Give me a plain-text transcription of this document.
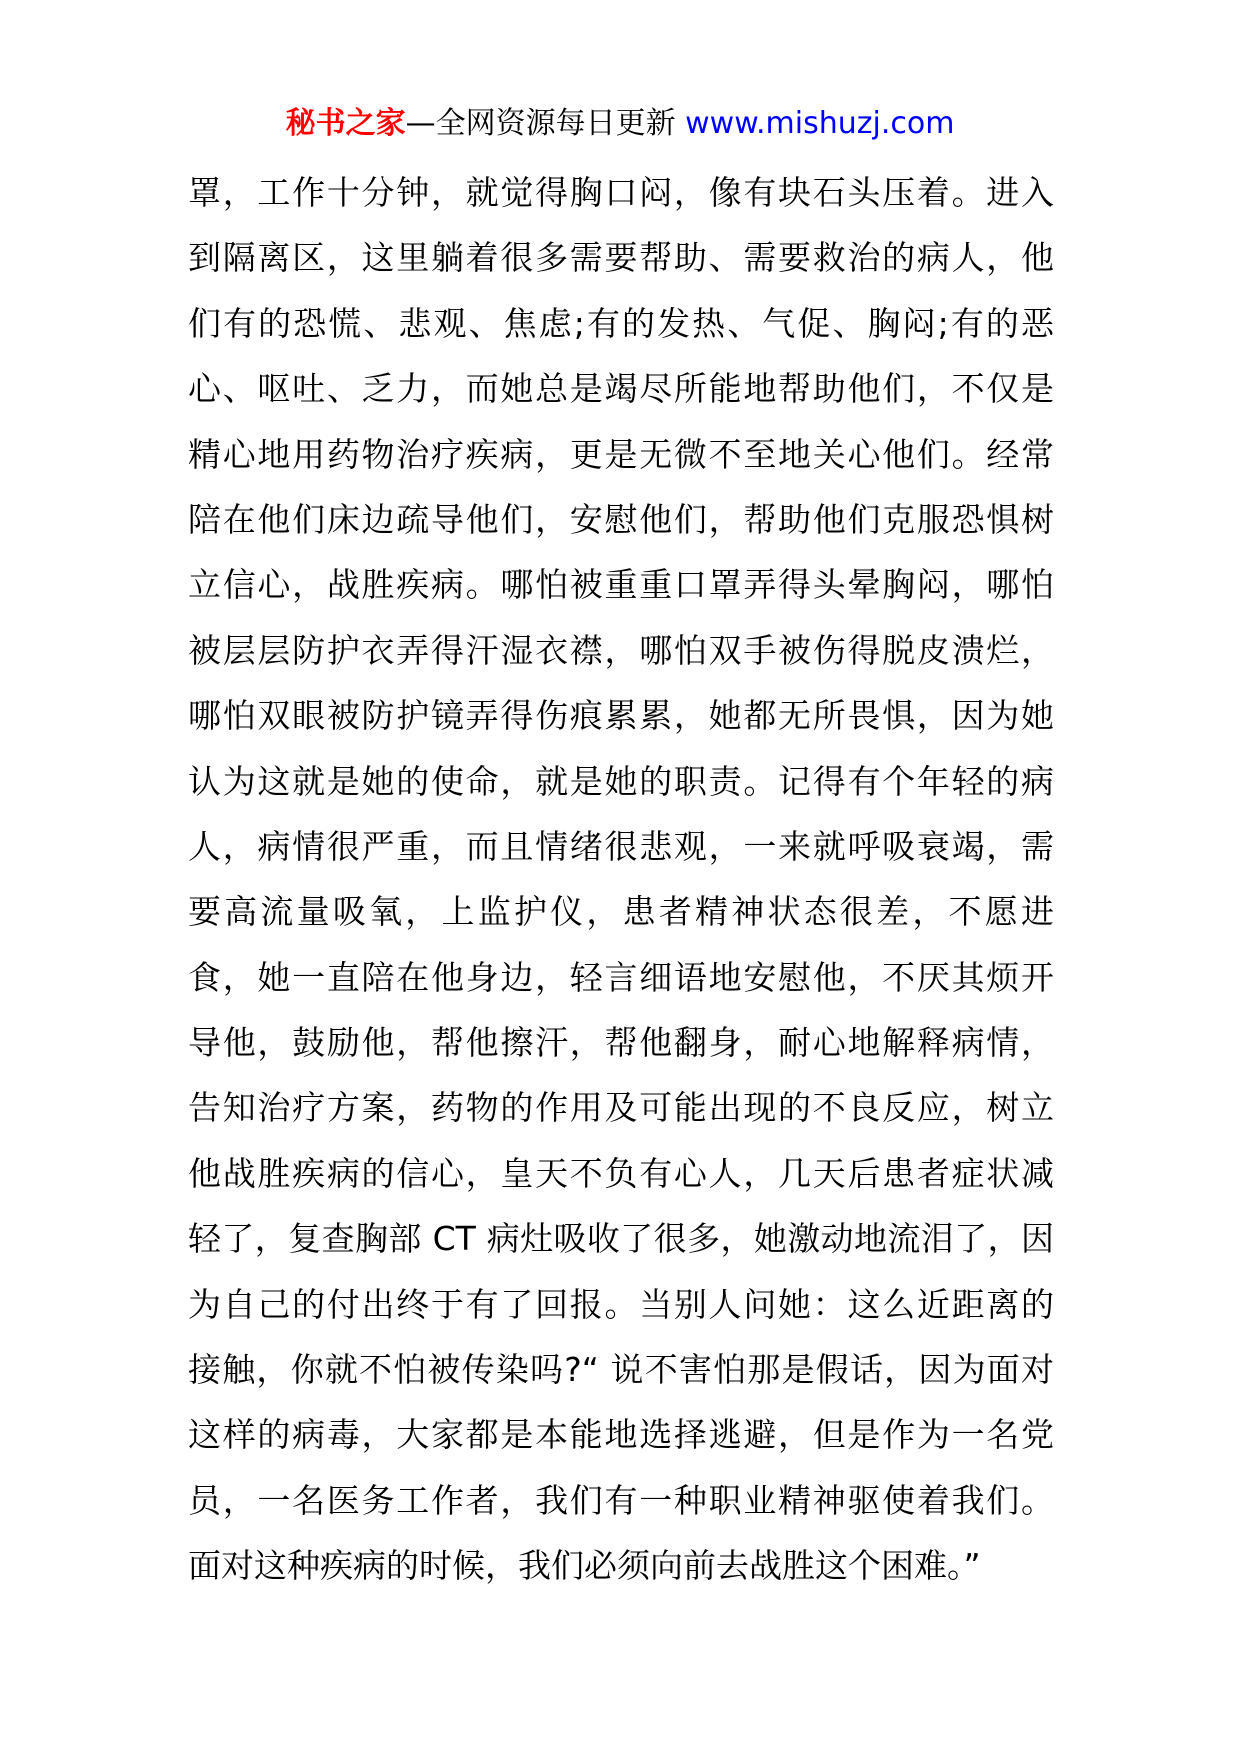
秘书之家—全网资源每日更新 www.mishuzj.com
罩，工作十分钟，就觉得胸口闷，像有块石头压着。进入
到隔离区，这里躺着很多需要帮助、需要救治的病人，他
们有的恐慌、悲观、焦虑;有的发热、气促、胸闷;有的恶
心、呕吐、乏力，而她总是竭尽所能地帮助他们，不仅是
精心地用药物治疗疾病，更是无微不至地关心他们。经常
陪在他们床边疏导他们，安慰他们，帮助他们克服恐惧树
立信心，战胜疾病。哪怕被重重口罩弄得头晕胸闷，哪怕
被层层防护衣弄得汗湿衣襟，哪怕双手被伤得脱皮溃烂，
哪怕双眼被防护镜弄得伤痕累累，她都无所畏惧，因为她
认为这就是她的使命，就是她的职责。记得有个年轻的病
人，病情很严重，而且情绪很悲观，一来就呼吸衰竭，需
要高流量吸氧，上监护仪，患者精神状态很差，不愿进
食，她一直陪在他身边，轻言细语地安慰他，不厌其烦开
导他，鼓励他，帮他擦汗，帮他翻身，耐心地解释病情，
告知治疗方案，药物的作用及可能出现的不良反应，树立
他战胜疾病的信心，皇天不负有心人，几天后患者症状减
轻了，复查胸部 CT 病灶吸收了很多，她激动地流泪了，因
为自己的付出终于有了回报。当别人问她：这么近距离的
接触，你就不怕被传染吗?“ 说不害怕那是假话，因为面对
这样的病毒，大家都是本能地选择逃避，但是作为一名党
员，一名医务工作者，我们有一种职业精神驱使着我们。
面对这种疾病的时候，我们必须向前去战胜这个困难。”
